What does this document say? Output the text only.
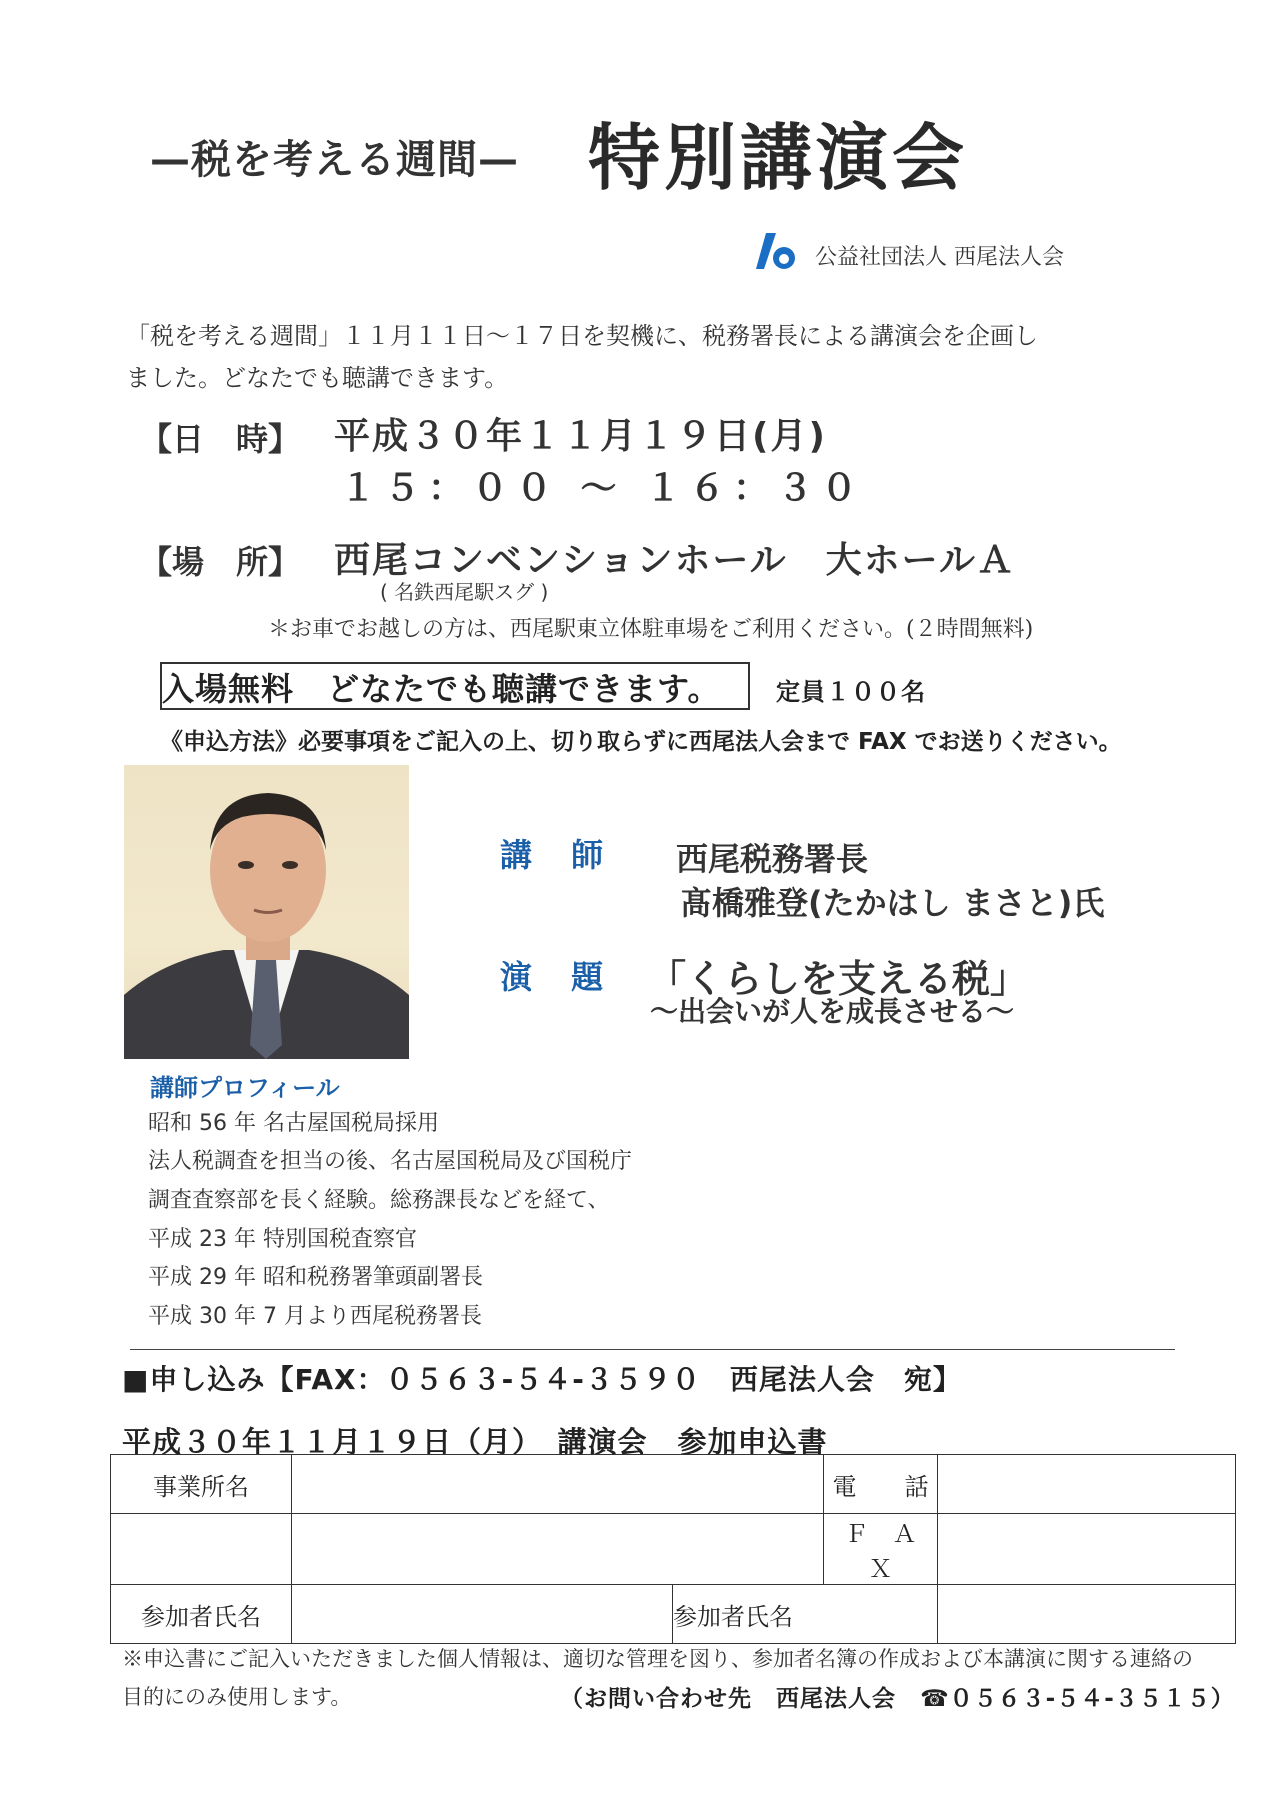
—税を考える週間— 特別講演会
公益社団法人 西尾法人会
「税を考える週間」１１月１１日～１７日を契機に、税務署長による講演会を企画し
ました。どなたでも聴講できます。
【日　時】 平成３０年１１月１９日(月)
１５：００ ～ １６：３０
【場　所】 西尾コンベンションホール　大ホールＡ
( 名鉄西尾駅スグ )
＊お車でお越しの方は、西尾駅東立体駐車場をご利用ください。(２時間無料)
入場無料　どなたでも聴講できます。 定員１００名
《申込方法》必要事項をご記入の上、切り取らずに西尾法人会まで FAX でお送りください。
講 師 西尾税務署長
髙橋雅登(たかはし まさと)氏
演 題 「くらしを支える税」
～出会いが人を成長させる～
講師プロフィール
昭和 56 年 名古屋国税局採用
法人税調査を担当の後、名古屋国税局及び国税庁
調査査察部を長く経験。総務課長などを経て、
平成 23 年 特別国税査察官
平成 29 年 昭和税務署筆頭副署長
平成 30 年 7 月より西尾税務署長
■申し込み【FAX：０５６３-５４-３５９０　西尾法人会　宛】
平成３０年１１月１９日（月）　講演会　参加申込書
事業所名			電　　話	
			Ｆ　Ａ　Ｘ	
参加者氏名		参加者氏名		
※申込書にご記入いただきました個人情報は、適切な管理を図り、参加者名簿の作成および本講演に関する連絡の
目的にのみ使用します。	（お問い合わせ先　西尾法人会　☎０５６３-５４-３５１５）
